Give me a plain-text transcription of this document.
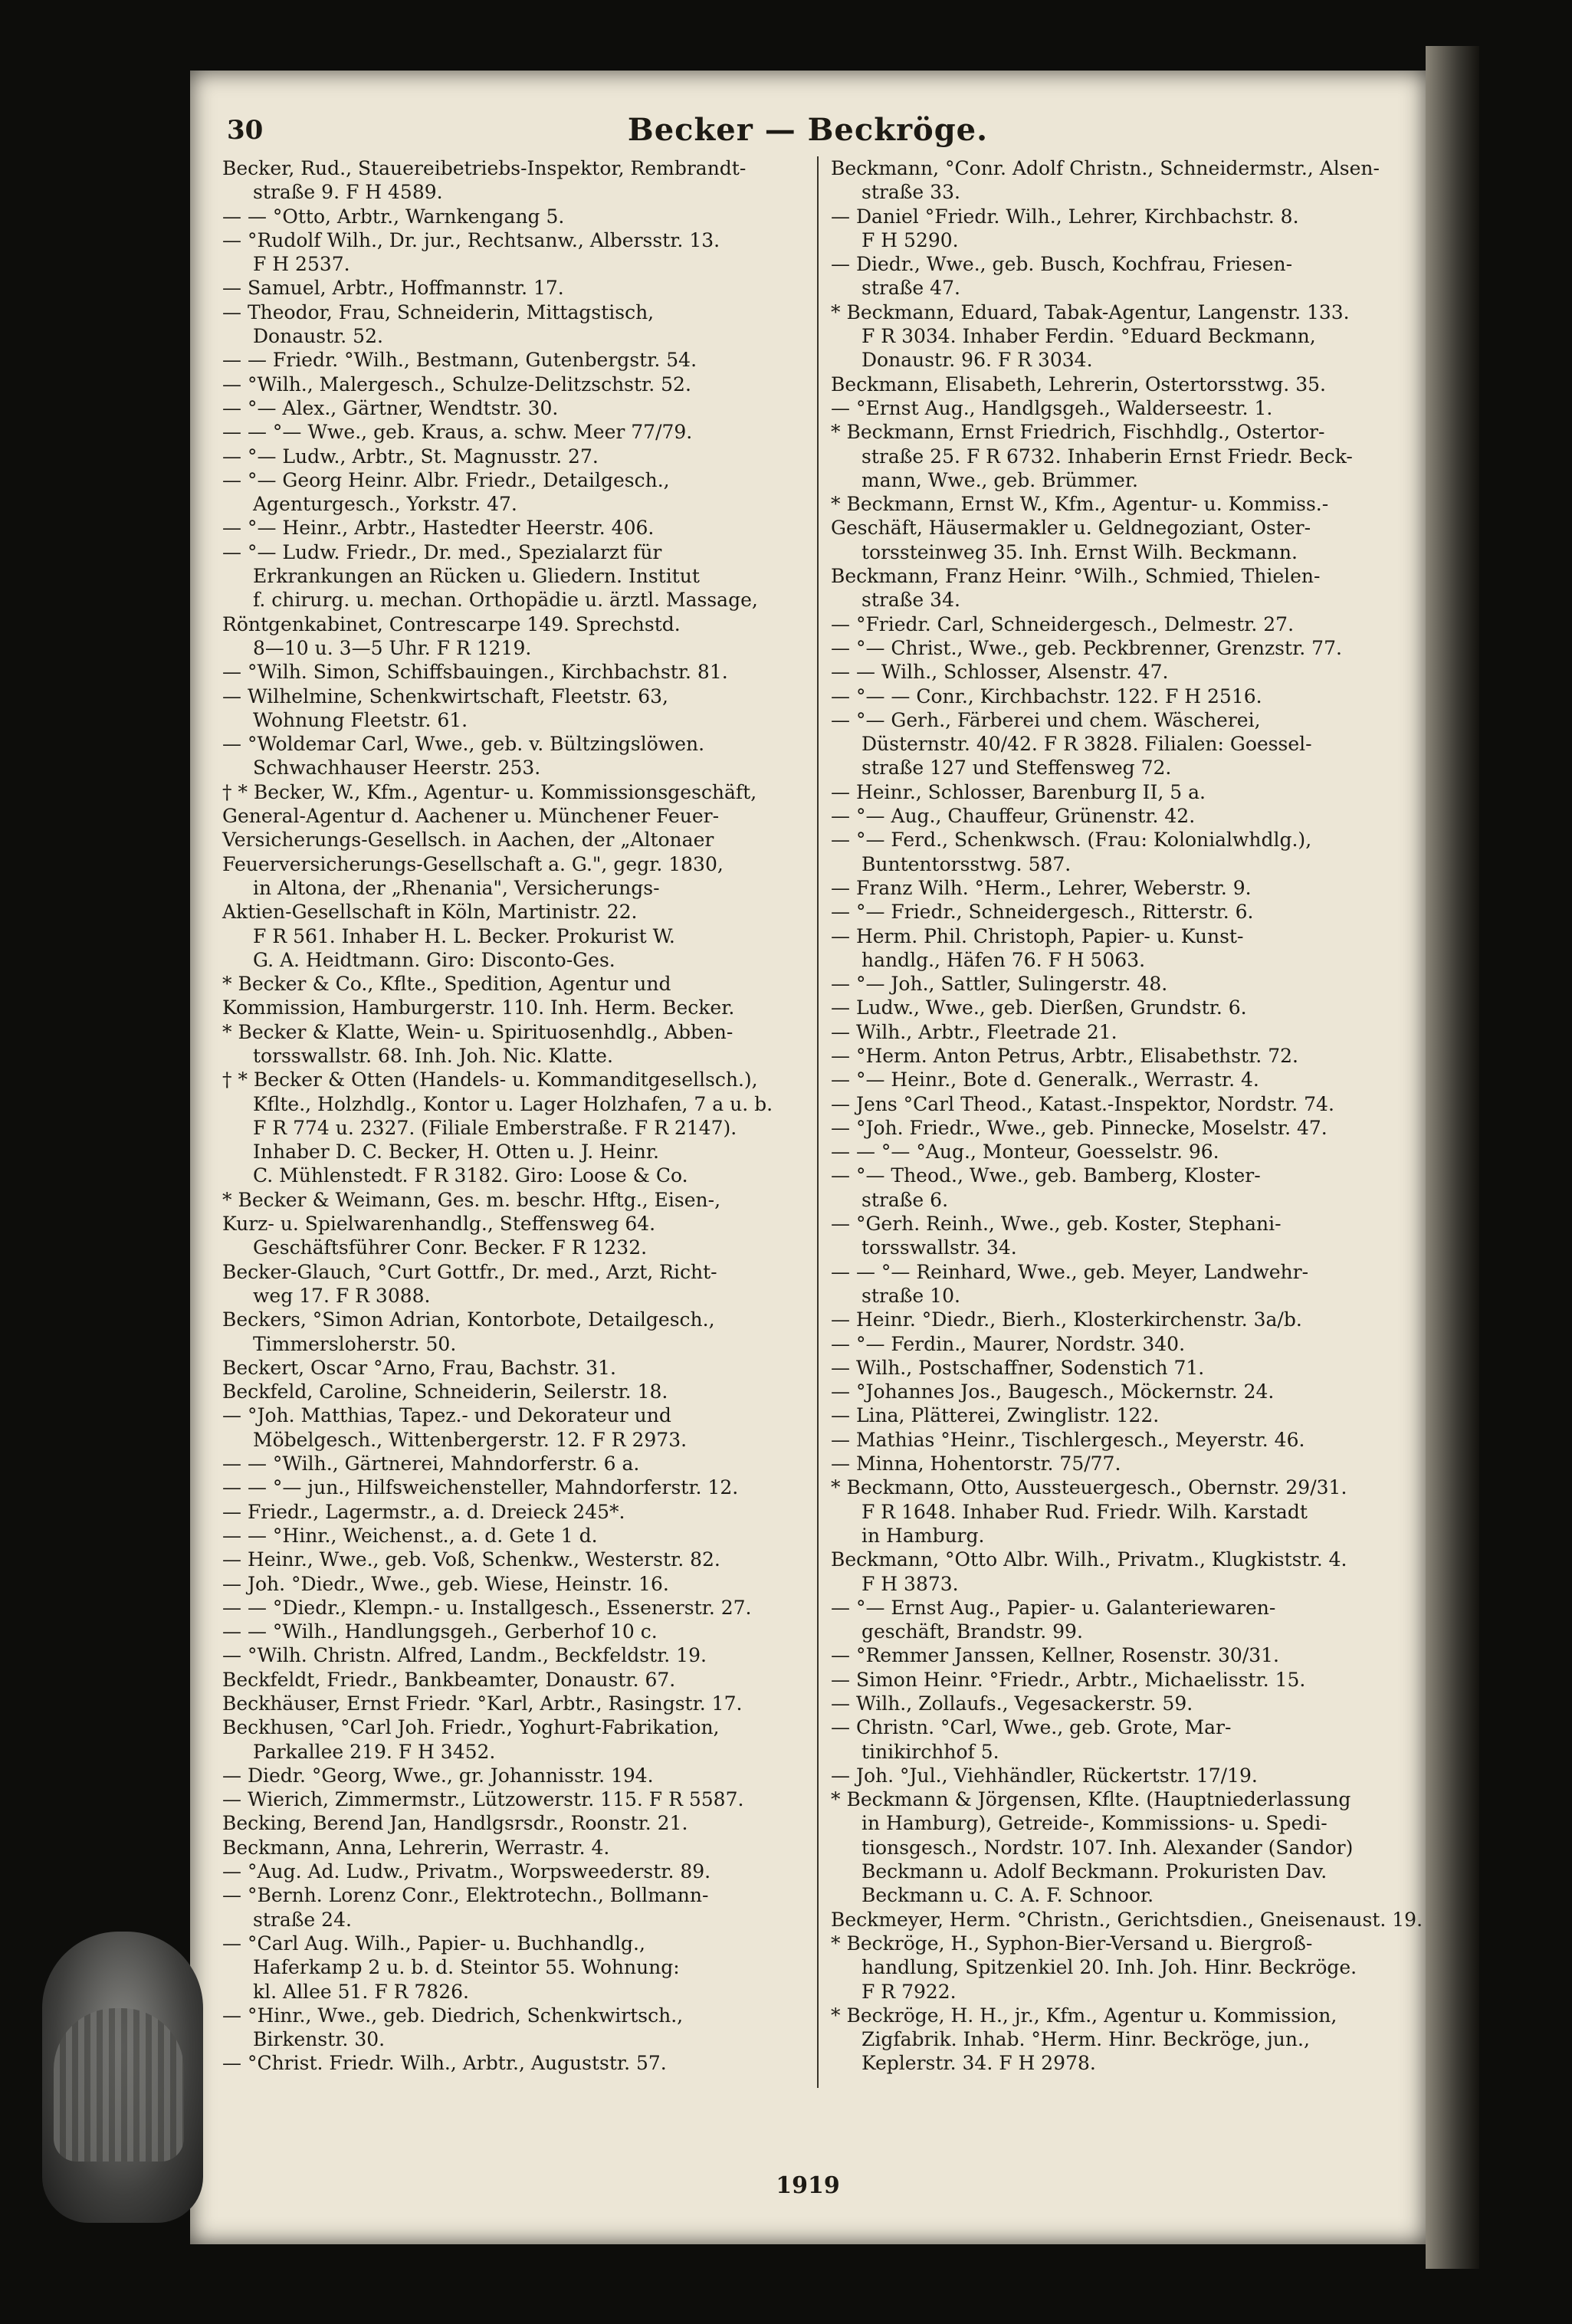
30	Becker — Beckröge.
Becker, Rud., Stauereibetriebs-Inspektor, Rembrandt-
straße 9. F H 4589.
— — °Otto, Arbtr., Warnkengang 5.
— °Rudolf Wilh., Dr. jur., Rechtsanw., Albersstr. 13.
F H 2537.
— Samuel, Arbtr., Hoffmannstr. 17.
— Theodor, Frau, Schneiderin, Mittagstisch,
Donaustr. 52.
— — Friedr. °Wilh., Bestmann, Gutenbergstr. 54.
— °Wilh., Malergesch., Schulze-Delitzschstr. 52.
— °— Alex., Gärtner, Wendtstr. 30.
— — °— Wwe., geb. Kraus, a. schw. Meer 77/79.
— °— Ludw., Arbtr., St. Magnusstr. 27.
— °— Georg Heinr. Albr. Friedr., Detailgesch.,
Agenturgesch., Yorkstr. 47.
— °— Heinr., Arbtr., Hastedter Heerstr. 406.
— °— Ludw. Friedr., Dr. med., Spezialarzt für
Erkrankungen an Rücken u. Gliedern. Institut
f. chirurg. u. mechan. Orthopädie u. ärztl. Massage,
Röntgenkabinet, Contrescarpe 149. Sprechstd.
8—10 u. 3—5 Uhr. F R 1219.
— °Wilh. Simon, Schiffsbauingen., Kirchbachstr. 81.
— Wilhelmine, Schenkwirtschaft, Fleetstr. 63,
Wohnung Fleetstr. 61.
— °Woldemar Carl, Wwe., geb. v. Bültzingslöwen.
Schwachhauser Heerstr. 253.
† * Becker, W., Kfm., Agentur- u. Kommissionsgeschäft,
General-Agentur d. Aachener u. Münchener Feuer-
Versicherungs-Gesellsch. in Aachen, der „Altonaer
Feuerversicherungs-Gesellschaft a. G.", gegr. 1830,
in Altona, der „Rhenania", Versicherungs-
Aktien-Gesellschaft in Köln, Martinistr. 22.
F R 561. Inhaber H. L. Becker. Prokurist W.
G. A. Heidtmann. Giro: Disconto-Ges.
* Becker & Co., Kflte., Spedition, Agentur und
Kommission, Hamburgerstr. 110. Inh. Herm. Becker.
* Becker & Klatte, Wein- u. Spirituosenhdlg., Abben-
torsswallstr. 68. Inh. Joh. Nic. Klatte.
† * Becker & Otten (Handels- u. Kommanditgesellsch.),
Kflte., Holzhdlg., Kontor u. Lager Holzhafen, 7 a u. b.
F R 774 u. 2327. (Filiale Emberstraße. F R 2147).
Inhaber D. C. Becker, H. Otten u. J. Heinr.
C. Mühlenstedt. F R 3182. Giro: Loose & Co.
* Becker & Weimann, Ges. m. beschr. Hftg., Eisen-,
Kurz- u. Spielwarenhandlg., Steffensweg 64.
Geschäftsführer Conr. Becker. F R 1232.
Becker-Glauch, °Curt Gottfr., Dr. med., Arzt, Richt-
weg 17. F R 3088.
Beckers, °Simon Adrian, Kontorbote, Detailgesch.,
Timmersloherstr. 50.
Beckert, Oscar °Arno, Frau, Bachstr. 31.
Beckfeld, Caroline, Schneiderin, Seilerstr. 18.
— °Joh. Matthias, Tapez.- und Dekorateur und
Möbelgesch., Wittenbergerstr. 12. F R 2973.
— — °Wilh., Gärtnerei, Mahndorferstr. 6 a.
— — °— jun., Hilfsweichensteller, Mahndorferstr. 12.
— Friedr., Lagermstr., a. d. Dreieck 245*.
— — °Hinr., Weichenst., a. d. Gete 1 d.
— Heinr., Wwe., geb. Voß, Schenkw., Westerstr. 82.
— Joh. °Diedr., Wwe., geb. Wiese, Heinstr. 16.
— — °Diedr., Klempn.- u. Installgesch., Essenerstr. 27.
— — °Wilh., Handlungsgeh., Gerberhof 10 c.
— °Wilh. Christn. Alfred, Landm., Beckfeldstr. 19.
Beckfeldt, Friedr., Bankbeamter, Donaustr. 67.
Beckhäuser, Ernst Friedr. °Karl, Arbtr., Rasingstr. 17.
Beckhusen, °Carl Joh. Friedr., Yoghurt-Fabrikation,
Parkallee 219. F H 3452.
— Diedr. °Georg, Wwe., gr. Johannisstr. 194.
— Wierich, Zimmermstr., Lützowerstr. 115. F R 5587.
Becking, Berend Jan, Handlgsrsdr., Roonstr. 21.
Beckmann, Anna, Lehrerin, Werrastr. 4.
— °Aug. Ad. Ludw., Privatm., Worpsweederstr. 89.
— °Bernh. Lorenz Conr., Elektrotechn., Bollmann-
straße 24.
— °Carl Aug. Wilh., Papier- u. Buchhandlg.,
Haferkamp 2 u. b. d. Steintor 55. Wohnung:
kl. Allee 51. F R 7826.
— °Hinr., Wwe., geb. Diedrich, Schenkwirtsch.,
Birkenstr. 30.
— °Christ. Friedr. Wilh., Arbtr., Auguststr. 57.
Beckmann, °Conr. Adolf Christn., Schneidermstr., Alsen-
straße 33.
— Daniel °Friedr. Wilh., Lehrer, Kirchbachstr. 8.
F H 5290.
— Diedr., Wwe., geb. Busch, Kochfrau, Friesen-
straße 47.
* Beckmann, Eduard, Tabak-Agentur, Langenstr. 133.
F R 3034. Inhaber Ferdin. °Eduard Beckmann,
Donaustr. 96. F R 3034.
Beckmann, Elisabeth, Lehrerin, Ostertorsstwg. 35.
— °Ernst Aug., Handlgsgeh., Walderseestr. 1.
* Beckmann, Ernst Friedrich, Fischhdlg., Ostertor-
straße 25. F R 6732. Inhaberin Ernst Friedr. Beck-
mann, Wwe., geb. Brümmer.
* Beckmann, Ernst W., Kfm., Agentur- u. Kommiss.-
Geschäft, Häusermakler u. Geldnegoziant, Oster-
torssteinweg 35. Inh. Ernst Wilh. Beckmann.
Beckmann, Franz Heinr. °Wilh., Schmied, Thielen-
straße 34.
— °Friedr. Carl, Schneidergesch., Delmestr. 27.
— °— Christ., Wwe., geb. Peckbrenner, Grenzstr. 77.
— — Wilh., Schlosser, Alsenstr. 47.
— °— — Conr., Kirchbachstr. 122. F H 2516.
— °— Gerh., Färberei und chem. Wäscherei,
Düsternstr. 40/42. F R 3828. Filialen: Goessel-
straße 127 und Steffensweg 72.
— Heinr., Schlosser, Barenburg II, 5 a.
— °— Aug., Chauffeur, Grünenstr. 42.
— °— Ferd., Schenkwsch. (Frau: Kolonialwhdlg.),
Buntentorsstwg. 587.
— Franz Wilh. °Herm., Lehrer, Weberstr. 9.
— °— Friedr., Schneidergesch., Ritterstr. 6.
— Herm. Phil. Christoph, Papier- u. Kunst-
handlg., Häfen 76. F H 5063.
— °— Joh., Sattler, Sulingerstr. 48.
— Ludw., Wwe., geb. Dierßen, Grundstr. 6.
— Wilh., Arbtr., Fleetrade 21.
— °Herm. Anton Petrus, Arbtr., Elisabethstr. 72.
— °— Heinr., Bote d. Generalk., Werrastr. 4.
— Jens °Carl Theod., Katast.-Inspektor, Nordstr. 74.
— °Joh. Friedr., Wwe., geb. Pinnecke, Moselstr. 47.
— — °— °Aug., Monteur, Goesselstr. 96.
— °— Theod., Wwe., geb. Bamberg, Kloster-
straße 6.
— °Gerh. Reinh., Wwe., geb. Koster, Stephani-
torsswallstr. 34.
— — °— Reinhard, Wwe., geb. Meyer, Landwehr-
straße 10.
— Heinr. °Diedr., Bierh., Klosterkirchenstr. 3a/b.
— °— Ferdin., Maurer, Nordstr. 340.
— Wilh., Postschaffner, Sodenstich 71.
— °Johannes Jos., Baugesch., Möckernstr. 24.
— Lina, Plätterei, Zwinglistr. 122.
— Mathias °Heinr., Tischlergesch., Meyerstr. 46.
— Minna, Hohentorstr. 75/77.
* Beckmann, Otto, Aussteuergesch., Obernstr. 29/31.
F R 1648. Inhaber Rud. Friedr. Wilh. Karstadt
in Hamburg.
Beckmann, °Otto Albr. Wilh., Privatm., Klugkiststr. 4.
F H 3873.
— °— Ernst Aug., Papier- u. Galanteriewaren-
geschäft, Brandstr. 99.
— °Remmer Janssen, Kellner, Rosenstr. 30/31.
— Simon Heinr. °Friedr., Arbtr., Michaelisstr. 15.
— Wilh., Zollaufs., Vegesackerstr. 59.
— Christn. °Carl, Wwe., geb. Grote, Mar-
tinikirchhof 5.
— Joh. °Jul., Viehhändler, Rückertstr. 17/19.
* Beckmann & Jörgensen, Kflte. (Hauptniederlassung
in Hamburg), Getreide-, Kommissions- u. Spedi-
tionsgesch., Nordstr. 107. Inh. Alexander (Sandor)
Beckmann u. Adolf Beckmann. Prokuristen Dav.
Beckmann u. C. A. F. Schnoor.
Beckmeyer, Herm. °Christn., Gerichtsdien., Gneisenaust. 19.
* Beckröge, H., Syphon-Bier-Versand u. Biergroß-
handlung, Spitzenkiel 20. Inh. Joh. Hinr. Beckröge.
F R 7922.
* Beckröge, H. H., jr., Kfm., Agentur u. Kommission,
Zigfabrik. Inhab. °Herm. Hinr. Beckröge, jun.,
Keplerstr. 34. F H 2978.
1919
